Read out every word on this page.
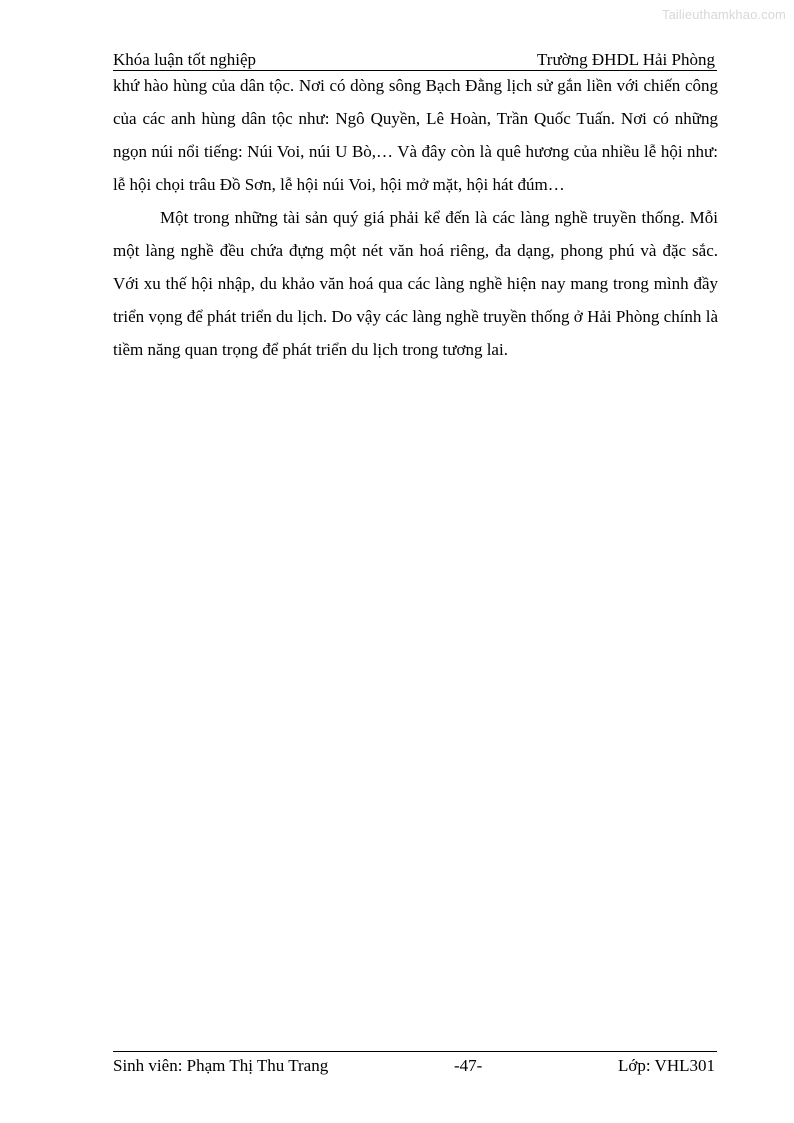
Tailieuthamkhao.com
Khóa luận tốt nghiệp	Trường ĐHDL Hải Phòng

khứ hào hùng của dân tộc. Nơi có dòng sông Bạch Đằng lịch sử gắn liền với chiến công của các anh hùng dân tộc như: Ngô Quyền, Lê Hoàn, Trần Quốc Tuấn. Nơi có những ngọn núi nổi tiếng: Núi Voi, núi U Bò,… Và đây còn là quê hương của nhiều lễ hội như: lễ hội chọi trâu Đồ Sơn, lễ hội núi Voi, hội mở mặt, hội hát đúm…

Một trong những tài sản quý giá phải kể đến là các làng nghề truyền thống. Mỗi một làng nghề đều chứa đựng một nét văn hoá riêng, đa dạng, phong phú và đặc sắc. Với xu thế hội nhập, du khảo văn hoá qua các làng nghề hiện nay mang trong mình đầy triển vọng để phát triển du lịch. Do vậy các làng nghề truyền thống ở Hải Phòng chính là tiềm năng quan trọng để phát triển du lịch trong tương lai.

Sinh viên: Phạm Thị Thu Trang	-47-	Lớp: VHL301
